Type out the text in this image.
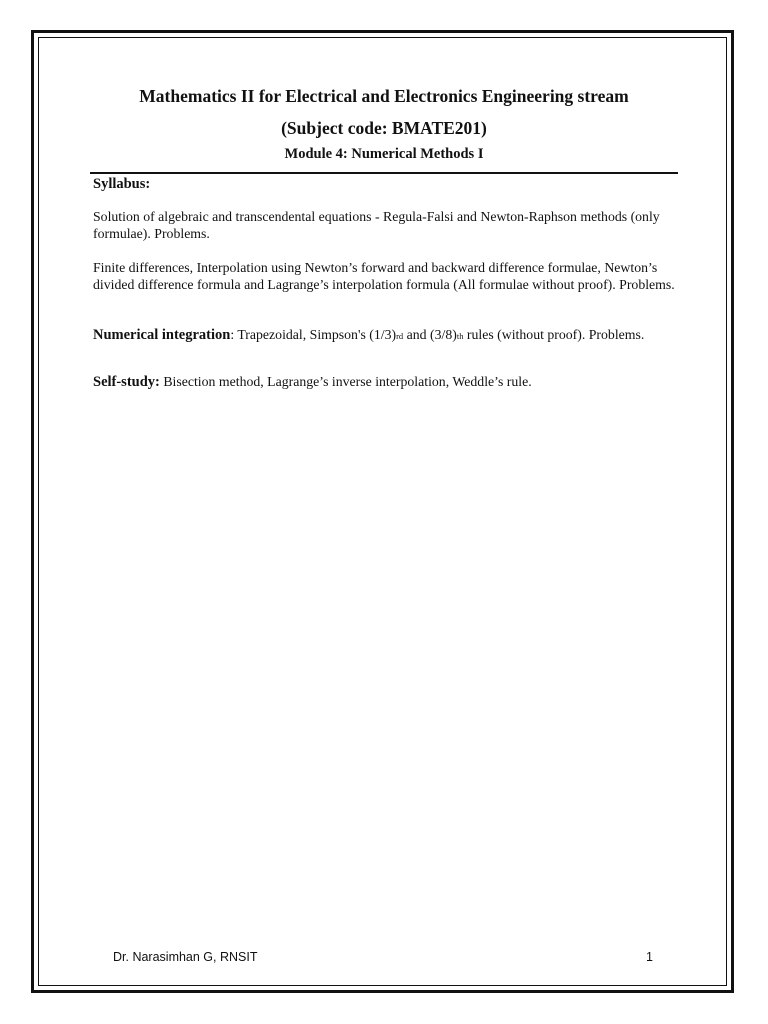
Mathematics II for Electrical and Electronics Engineering stream
(Subject code: BMATE201)
Module 4: Numerical Methods I

Syllabus:

Solution of algebraic and transcendental equations - Regula-Falsi and Newton-Raphson methods (only formulae). Problems.

Finite differences, Interpolation using Newton’s forward and backward difference formulae, Newton’s divided difference formula and Lagrange’s interpolation formula (All formulae without proof). Problems.

Numerical integration: Trapezoidal, Simpson's (1/3)rd and (3/8)th rules (without proof). Problems.

Self-study: Bisection method, Lagrange’s inverse interpolation, Weddle’s rule.

Dr. Narasimhan G, RNSIT	1
